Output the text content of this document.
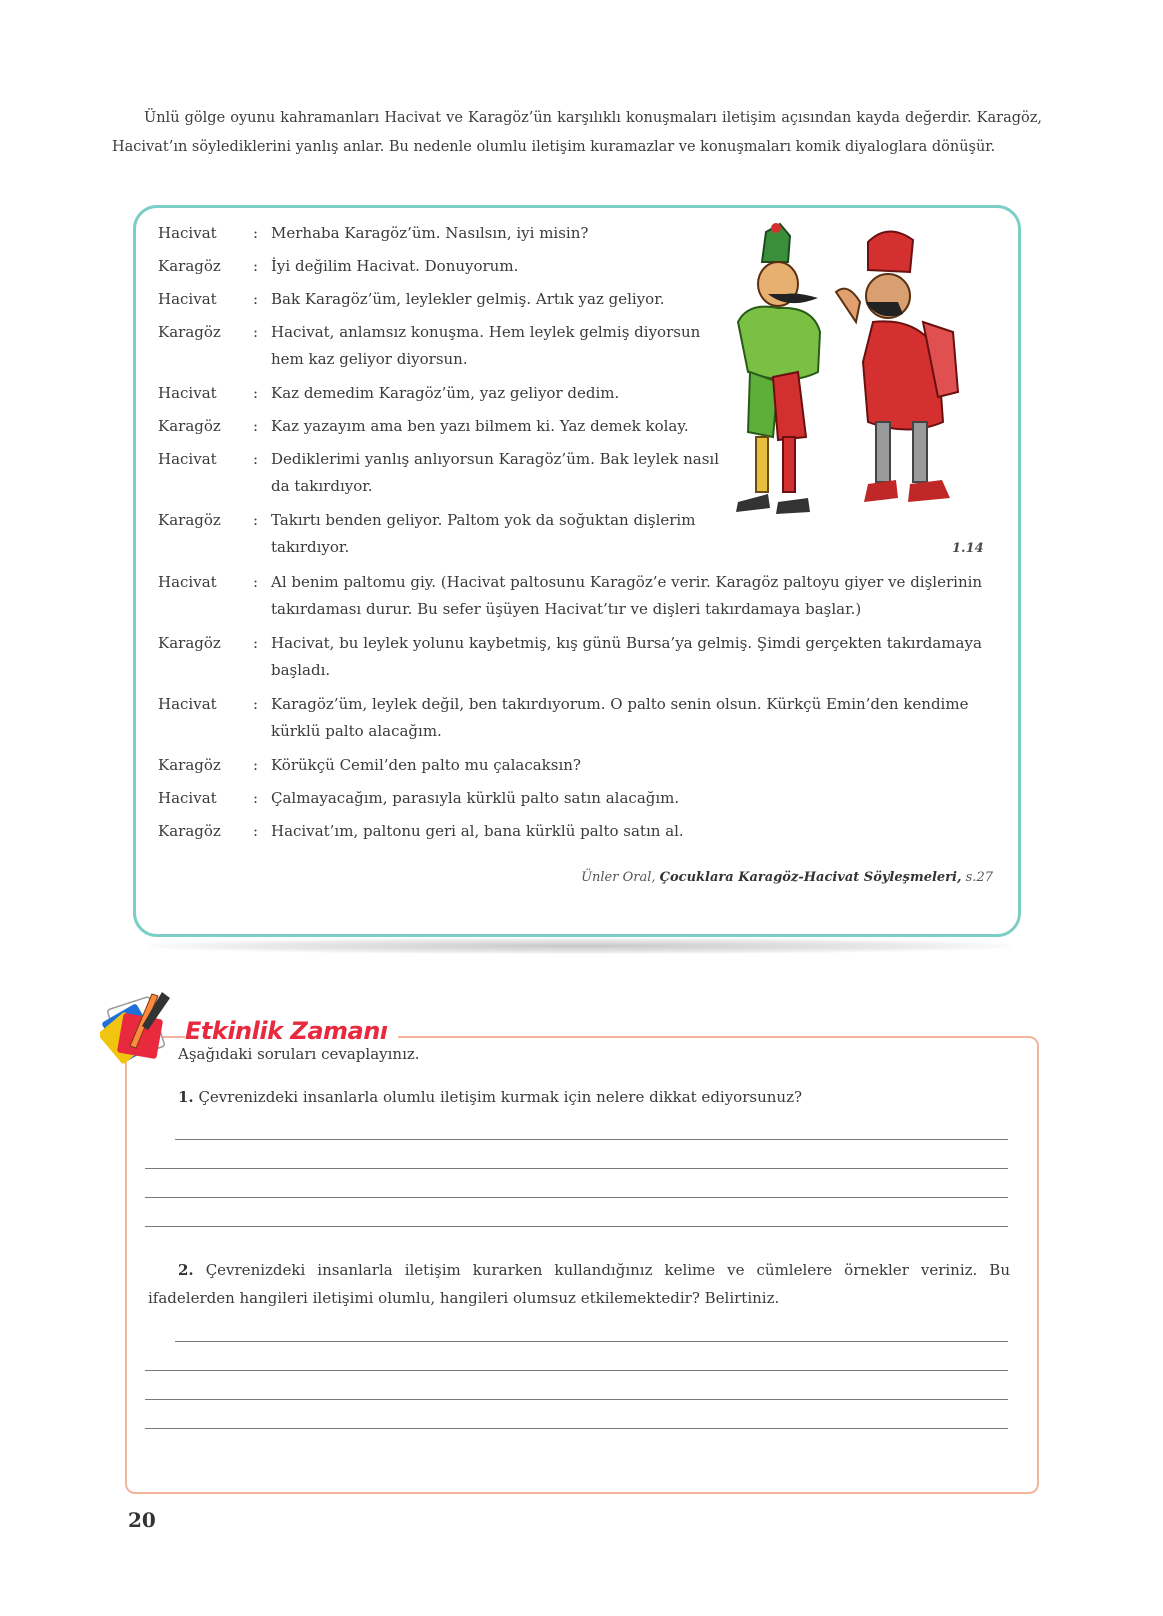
Ünlü gölge oyunu kahramanları Hacivat ve Karagöz’ün karşılıklı konuşmaları iletişim açısından kayda değerdir. Karagöz, Hacivat’ın söylediklerini yanlış anlar. Bu nedenle olumlu iletişim kuramazlar ve konuşmaları komik diyaloglara dönüşür.

Hacivat	: Merhaba Karagöz’üm. Nasılsın, iyi misin?
Karagöz	: İyi değilim Hacivat. Donuyorum.
Hacivat	: Bak Karagöz’üm, leylekler gelmiş. Artık yaz geliyor.
Karagöz	: Hacivat, anlamsız konuşma. Hem leylek gelmiş diyorsun hem kaz geliyor diyorsun.
Hacivat	: Kaz demedim Karagöz’üm, yaz geliyor dedim.
Karagöz	: Kaz yazayım ama ben yazı bilmem ki. Yaz demek kolay.
Hacivat	: Dediklerimi yanlış anlıyorsun Karagöz’üm. Bak leylek nasıl da takırdıyor.
Karagöz	: Takırtı benden geliyor. Paltom yok da soğuktan dişlerim takırdıyor.
Hacivat	: Al benim paltomu giy. (Hacivat paltosunu Karagöz’e verir. Karagöz paltoyu giyer ve dişlerinin takırdaması durur. Bu sefer üşüyen Hacivat’tır ve dişleri takırdamaya başlar.)
Karagöz	: Hacivat, bu leylek yolunu kaybetmiş, kış günü Bursa’ya gelmiş. Şimdi gerçekten takırdamaya başladı.
Hacivat	: Karagöz’üm, leylek değil, ben takırdıyorum. O palto senin olsun. Kürkçü Emin’den kendime kürklü palto alacağım.
Karagöz	: Körükçü Cemil’den palto mu çalacaksın?
Hacivat	: Çalmayacağım, parasıyla kürklü palto satın alacağım.
Karagöz	: Hacivat’ım, paltonu geri al, bana kürklü palto satın al.
1.14
Ünler Oral, Çocuklara Karagöz-Hacivat Söyleşmeleri, s.27
Etkinlik Zamanı
Aşağıdaki soruları cevaplayınız.
1. Çevrenizdeki insanlarla olumlu iletişim kurmak için nelere dikkat ediyorsunuz?
2. Çevrenizdeki insanlarla iletişim kurarken kullandığınız kelime ve cümlelere örnekler veriniz. Bu ifadelerden hangileri iletişimi olumlu, hangileri olumsuz etkilemektedir? Belirtiniz.
20
